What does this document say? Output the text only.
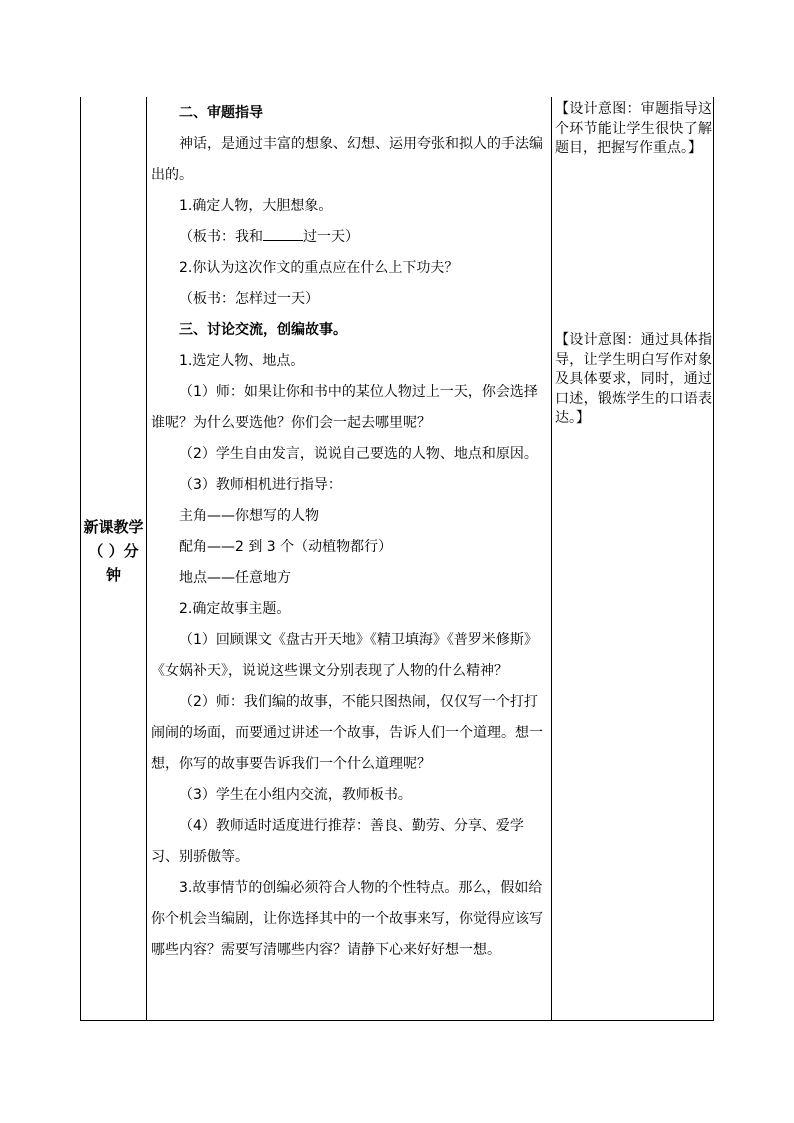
新课教学
（ ）分钟

二、审题指导

神话，是通过丰富的想象、幻想、运用夸张和拟人的手法编出的。

1.确定人物，大胆想象。

（板书：我和	过一天）

2.你认为这次作文的重点应在什么上下功夫？

（板书：怎样过一天）

三、讨论交流，创编故事。

1.选定人物、地点。

（1）师：如果让你和书中的某位人物过上一天，你会选择谁呢？为什么要选他？你们会一起去哪里呢？

（2）学生自由发言，说说自己要选的人物、地点和原因。

（3）教师相机进行指导：

主角——你想写的人物

配角——2 到 3 个（动植物都行）

地点——任意地方

2.确定故事主题。

（1）回顾课文《盘古开天地》《精卫填海》《普罗米修斯》《女娲补天》，说说这些课文分别表现了人物的什么精神？

（2）师：我们编的故事，不能只图热闹，仅仅写一个打打闹闹的场面，而要通过讲述一个故事，告诉人们一个道理。想一想，你写的故事要告诉我们一个什么道理呢？

（3）学生在小组内交流，教师板书。

（4）教师适时适度进行推荐：善良、勤劳、分享、爱学习、别骄傲等。

3.故事情节的创编必须符合人物的个性特点。那么，假如给你个机会当编剧，让你选择其中的一个故事来写，你觉得应该写哪些内容？需要写清哪些内容？请静下心来好好想一想。

【设计意图：审题指导这个环节能让学生很快了解题目，把握写作重点。】
【设计意图：通过具体指导，让学生明白写作对象及具体要求，同时，通过口述，锻炼学生的口语表达。】
